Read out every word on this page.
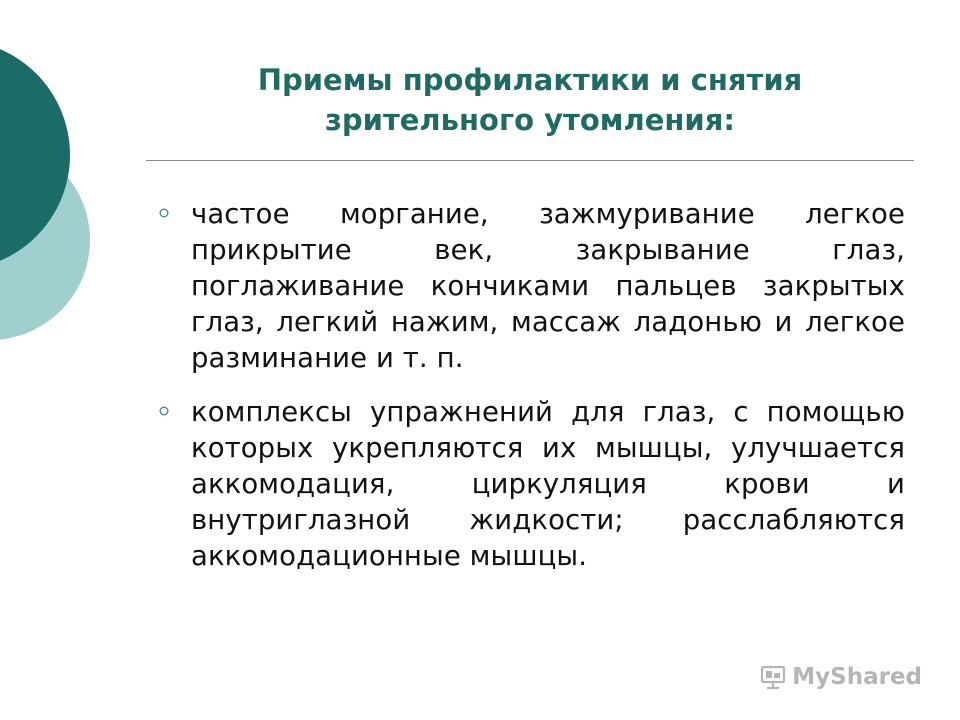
Приемы профилактики и снятия зрительного утомления:
частое моргание, зажмуривание легкое прикрытие век, закрывание глаз, поглаживание кончиками пальцев закрытых глаз, легкий нажим, массаж ладонью и легкое разминание и т. п.
комплексы упражнений для глаз, с помощью которых укрепляются их мышцы, улучшается аккомодация, циркуляция крови и внутриглазной жидкости; расслабляются аккомодационные мышцы.
MyShared
